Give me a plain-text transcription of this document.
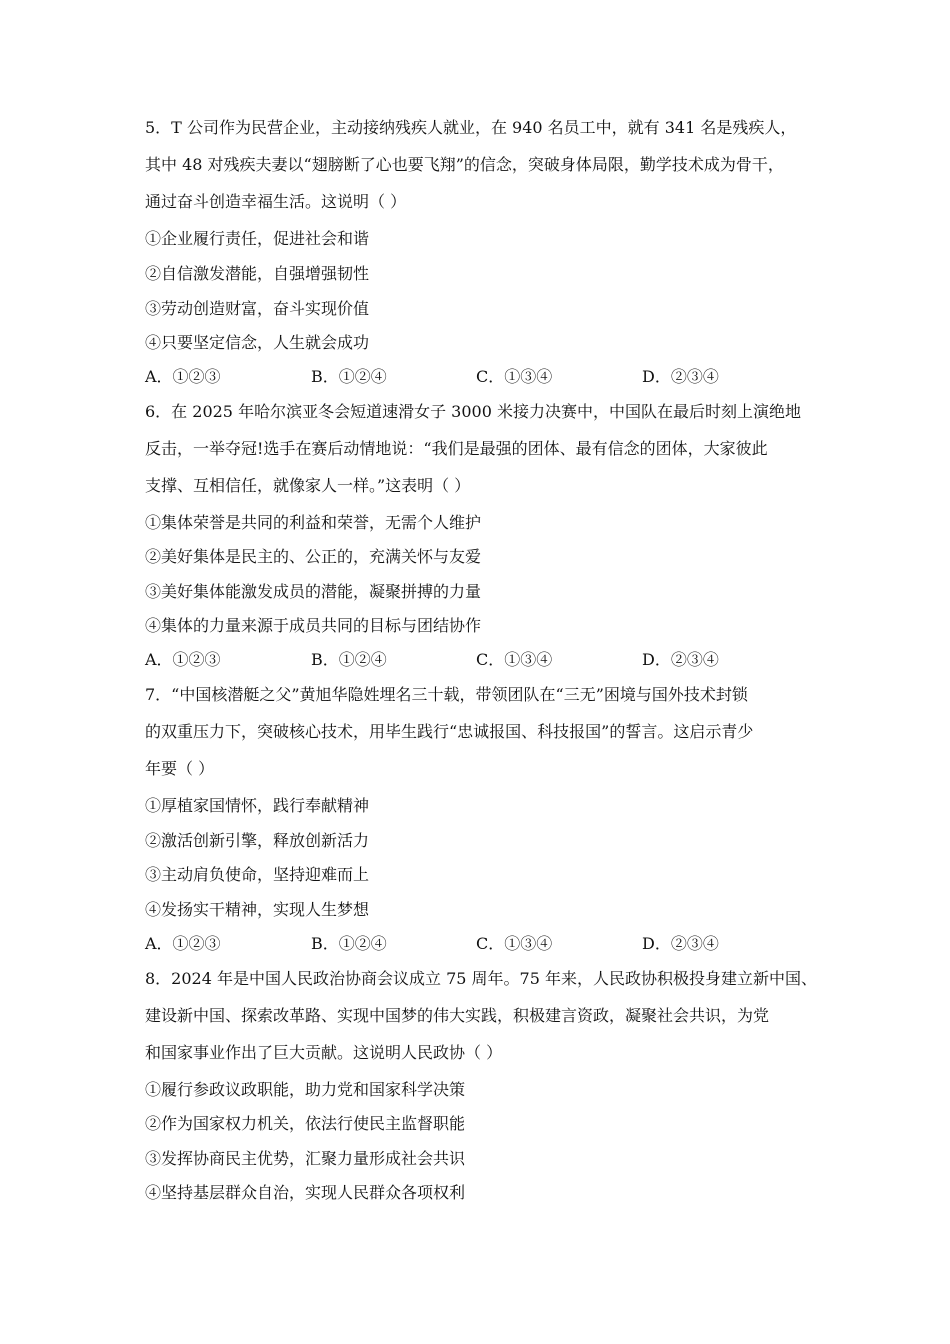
5．T 公司作为民营企业，主动接纳残疾人就业，在 940 名员工中，就有 341 名是残疾人，
其中 48 对残疾夫妻以“翅膀断了心也要飞翔”的信念，突破身体局限，勤学技术成为骨干，
通过奋斗创造幸福生活。这说明（ ）
①企业履行责任，促进社会和谐
②自信激发潜能，自强增强韧性
③劳动创造财富，奋斗实现价值
④只要坚定信念，人生就会成功
A．①②③	B．①②④	C．①③④	D．②③④
6．在 2025 年哈尔滨亚冬会短道速滑女子 3000 米接力决赛中，中国队在最后时刻上演绝地
反击，一举夺冠!选手在赛后动情地说：“我们是最强的团体、最有信念的团体，大家彼此
支撑、互相信任，就像家人一样。”这表明（ ）
①集体荣誉是共同的利益和荣誉，无需个人维护
②美好集体是民主的、公正的，充满关怀与友爱
③美好集体能激发成员的潜能，凝聚拼搏的力量
④集体的力量来源于成员共同的目标与团结协作
A．①②③	B．①②④	C．①③④	D．②③④
7．“中国核潜艇之父”黄旭华隐姓埋名三十载，带领团队在“三无”困境与国外技术封锁
的双重压力下，突破核心技术，用毕生践行“忠诚报国、科技报国”的誓言。这启示青少
年要（ ）
①厚植家国情怀，践行奉献精神
②激活创新引擎，释放创新活力
③主动肩负使命，坚持迎难而上
④发扬实干精神，实现人生梦想
A．①②③	B．①②④	C．①③④	D．②③④
8．2024 年是中国人民政治协商会议成立 75 周年。75 年来，人民政协积极投身建立新中国、
建设新中国、探索改革路、实现中国梦的伟大实践，积极建言资政，凝聚社会共识，为党
和国家事业作出了巨大贡献。这说明人民政协（ ）
①履行参政议政职能，助力党和国家科学决策
②作为国家权力机关，依法行使民主监督职能
③发挥协商民主优势，汇聚力量形成社会共识
④坚持基层群众自治，实现人民群众各项权利
